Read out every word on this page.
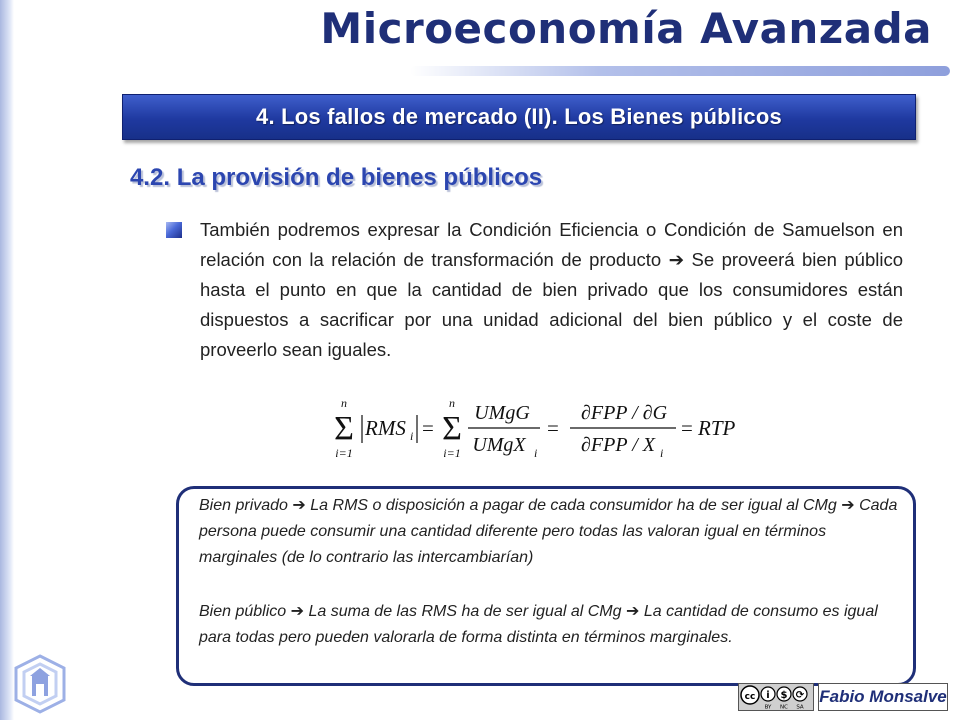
Microeconomía Avanzada
4. Los fallos de mercado (II). Los Bienes públicos
4.2. La provisión de bienes públicos
También podremos expresar la Condición Eficiencia o Condición de Samuelson en relación con la relación de transformación de producto ➔ Se proveerá bien público hasta el punto en que la cantidad de bien privado que los consumidores están dispuestos a sacrificar por una unidad adicional del bien público y el coste de proveerlo sean iguales.
n
Σ
i=1
RMS i =
n
Σ
i=1
UMgG
UMgX i
=
∂FPP / ∂G
∂FPP / X i
= RTP
Bien privado ➔ La RMS o disposición a pagar de cada consumidor ha de ser igual al CMg ➔ Cada persona puede consumir una cantidad diferente pero todas las valoran igual en términos marginales (de lo contrario las intercambiarían)
Bien público ➔ La suma de las RMS ha de ser igual al CMg ➔ La cantidad de consumo es igual para todas pero pueden valorarla de forma distinta en términos marginales.
cc i $ ⟳
BY NC SA
Fabio Monsalve
